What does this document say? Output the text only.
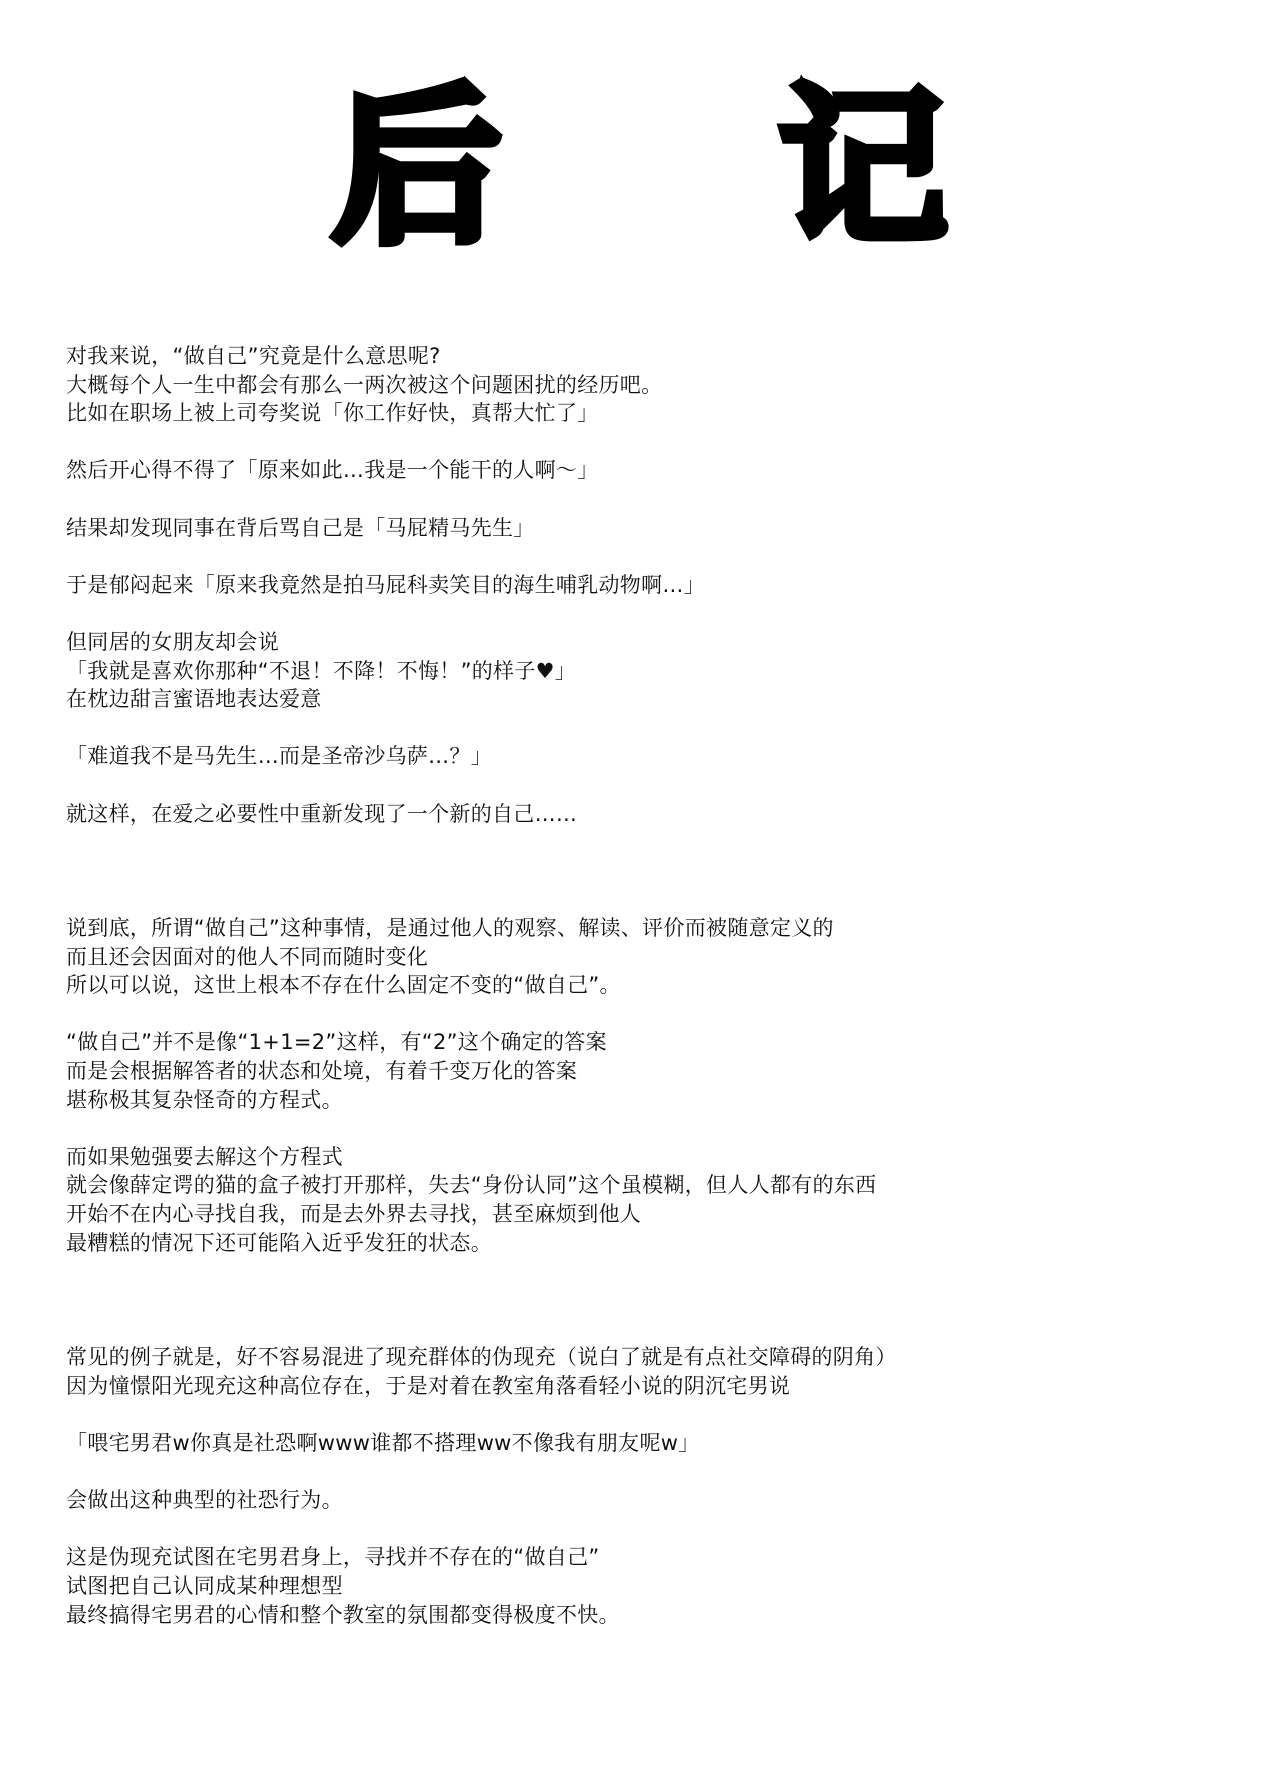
后 记
对我来说，“做自己”究竟是什么意思呢?
大概每个人一生中都会有那么一两次被这个问题困扰的经历吧。
比如在职场上被上司夸奖说「你工作好快，真帮大忙了」
然后开心得不得了「原来如此…我是一个能干的人啊～」
结果却发现同事在背后骂自己是「马屁精马先生」
于是郁闷起来「原来我竟然是拍马屁科卖笑目的海生哺乳动物啊…」
但同居的女朋友却会说
「我就是喜欢你那种“不退！不降！不悔！”的样子♥」
在枕边甜言蜜语地表达爱意
「难道我不是马先生…而是圣帝沙乌萨…？」
就这样，在爱之必要性中重新发现了一个新的自己……
说到底，所谓“做自己”这种事情，是通过他人的观察、解读、评价而被随意定义的
而且还会因面对的他人不同而随时变化
所以可以说，这世上根本不存在什么固定不变的“做自己”。
“做自己”并不是像“1+1=2”这样，有“2”这个确定的答案
而是会根据解答者的状态和处境，有着千变万化的答案
堪称极其复杂怪奇的方程式。
而如果勉强要去解这个方程式
就会像薛定谔的猫的盒子被打开那样，失去“身份认同”这个虽模糊，但人人都有的东西
开始不在内心寻找自我，而是去外界去寻找，甚至麻烦到他人
最糟糕的情况下还可能陷入近乎发狂的状态。
常见的例子就是，好不容易混进了现充群体的伪现充（说白了就是有点社交障碍的阴角）
因为憧憬阳光现充这种高位存在，于是对着在教室角落看轻小说的阴沉宅男说
「喂宅男君w你真是社恐啊www谁都不搭理ww不像我有朋友呢w」
会做出这种典型的社恐行为。
这是伪现充试图在宅男君身上，寻找并不存在的“做自己”
试图把自己认同成某种理想型
最终搞得宅男君的心情和整个教室的氛围都变得极度不快。
